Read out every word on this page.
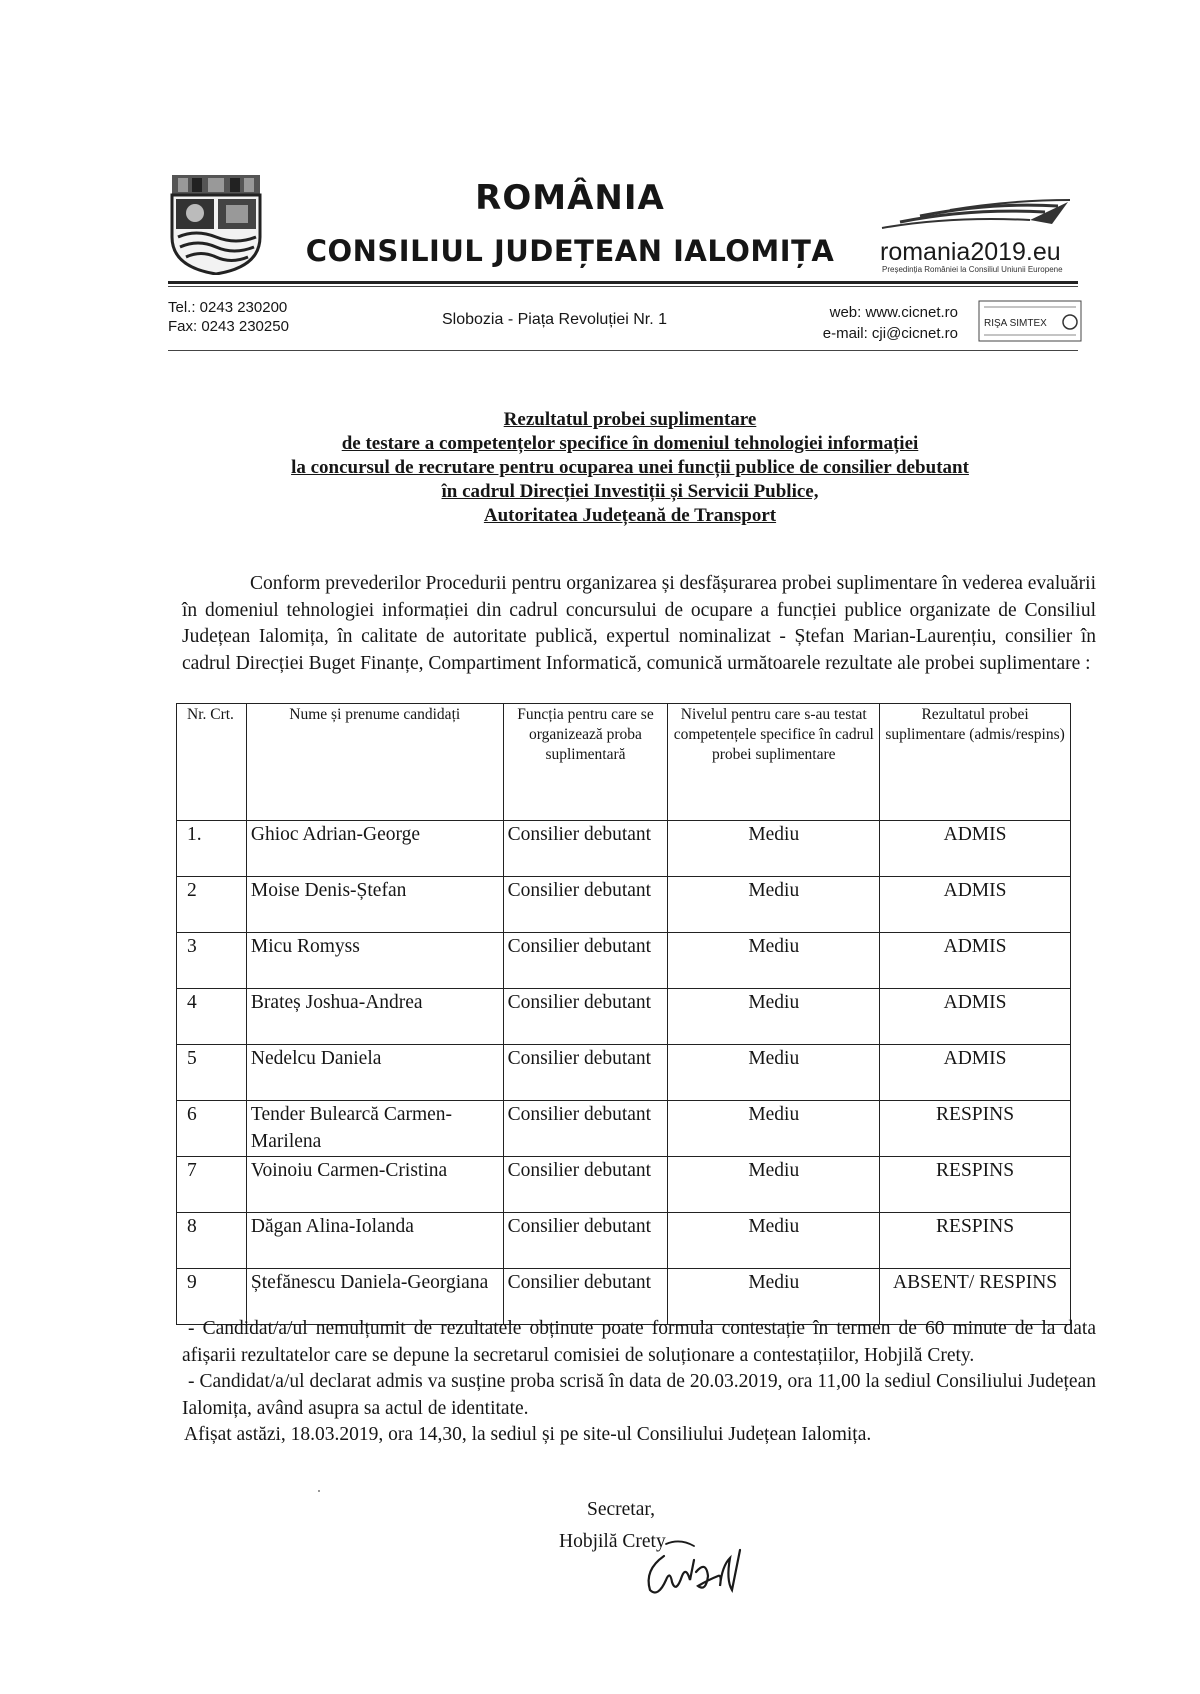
ROMÂNIA
CONSILIUL JUDEȚEAN IALOMIȚA	romania2019.eu
Președinția României la Consiliul Uniunii Europene
Tel.: 0243 230200
Fax: 0243 230250	Slobozia - Piața Revoluției Nr. 1	web: www.cicnet.ro
e-mail: cji@cicnet.ro
RIŞA SIMTEX
Rezultatul probei suplimentare
de testare a competențelor specifice în domeniul tehnologiei informației
la concursul de recrutare pentru ocuparea unei funcții publice de consilier debutant
în cadrul Direcției Investiții și Servicii Publice,
Autoritatea Județeană de Transport

Conform prevederilor Procedurii pentru organizarea și desfășurarea probei suplimentare în vederea evaluării în domeniul tehnologiei informației din cadrul concursului de ocupare a funcției publice organizate de Consiliul Județean Ialomița, în calitate de autoritate publică, expertul nominalizat - Ștefan Marian-Laurențiu, consilier în cadrul Direcției Buget Finanțe, Compartiment Informatică, comunică următoarele rezultate ale probei suplimentare :

Nr. Crt.	Nume și prenume candidați	Funcția pentru care se organizează proba suplimentară	Nivelul pentru care s-au testat competențele specifice în cadrul probei suplimentare	Rezultatul probei suplimentare (admis/respins)
1.	Ghioc Adrian-George	Consilier debutant	Mediu	ADMIS
2	Moise Denis-Ștefan	Consilier debutant	Mediu	ADMIS
3	Micu Romyss	Consilier debutant	Mediu	ADMIS
4	Brateș Joshua-Andrea	Consilier debutant	Mediu	ADMIS
5	Nedelcu Daniela	Consilier debutant	Mediu	ADMIS
6	Tender Bulearcă Carmen-Marilena	Consilier debutant	Mediu	RESPINS
7	Voinoiu Carmen-Cristina	Consilier debutant	Mediu	RESPINS
8	Dăgan Alina-Iolanda	Consilier debutant	Mediu	RESPINS
9	Ștefănescu Daniela-Georgiana	Consilier debutant	Mediu	ABSENT/ RESPINS

- Candidat/a/ul nemulțumit de rezultatele obținute poate formula contestație în termen de 60 minute de la data afișarii rezultatelor care se depune la secretarul comisiei de soluționare a contestațiilor, Hobjilă Crety.

- Candidat/a/ul declarat admis va susține proba scrisă în data de 20.03.2019, ora 11,00 la sediul Consiliului Județean Ialomița, având asupra sa actul de identitate.

Afișat astăzi, 18.03.2019, ora 14,30, la sediul și pe site-ul Consiliului Județean Ialomița.

Secretar,
Hobjilă Crety
